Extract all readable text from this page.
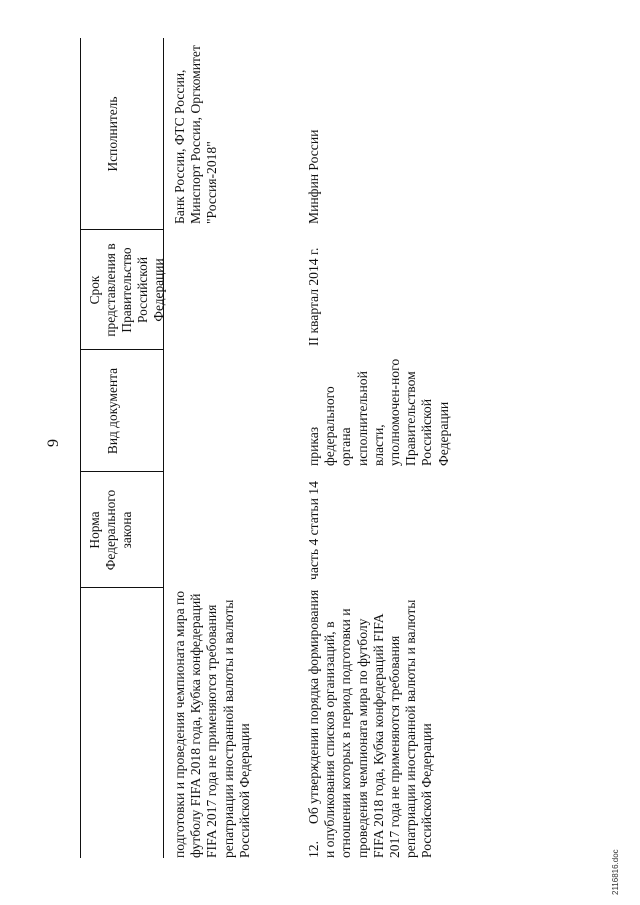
9
Норма Федерального закона
Вид документа
Срок представления в Правительство Российской Федерации
Исполнитель
подготовки и проведения чемпионата мира по футболу FIFA 2018 года, Кубка конфедераций FIFA 2017 года не применяются требования репатриации иностранной валюты и валюты Российской Федерации
Банк России, ФТС России, Минспорт России, Оргкомитет "Россия-2018"
12.
Об утверждении порядка формирования и опубликования списков организаций, в отношении которых в период подготовки и проведения чемпионата мира по футболу FIFA 2018 года, Кубка конфедераций FIFA 2017 года не применяются требования репатриации иностранной валюты и валюты Российской Федерации
часть 4 статьи 14
приказ федерального органа исполнительной власти, уполномочен-ного Правительством Российской Федерации
II квартал 2014 г.
Минфин России
2116816.doc
